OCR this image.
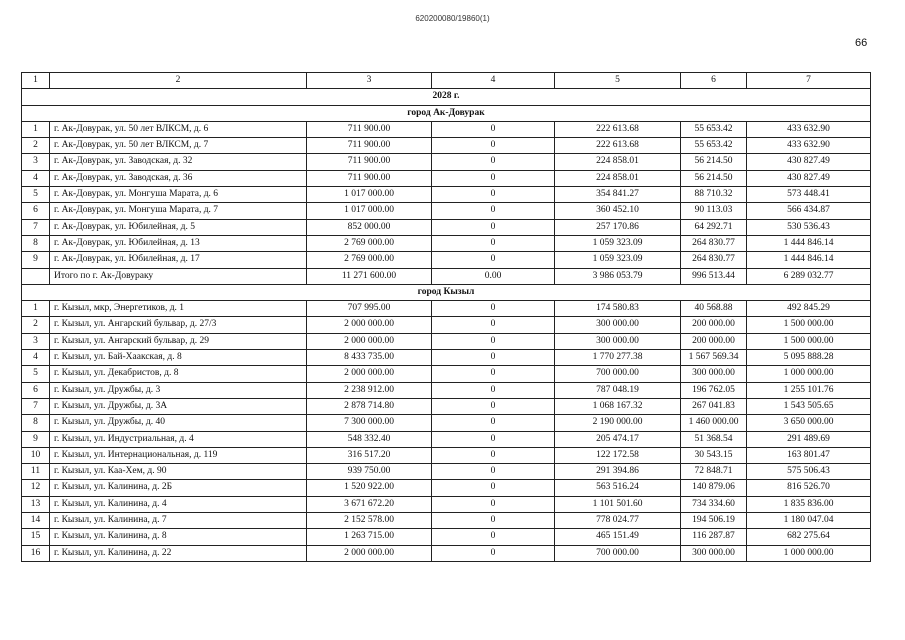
620200080/19860(1)
66
1	2	3	4	5	6	7
2028 г.						
город Ак-Довурак						
1	г. Ак-Довурак, ул. 50 лет ВЛКСМ, д. 6	711 900.00	0	222 613.68	55 653.42	433 632.90
2	г. Ак-Довурак, ул. 50 лет ВЛКСМ, д. 7	711 900.00	0	222 613.68	55 653.42	433 632.90
3	г. Ак-Довурак, ул. Заводская, д. 32	711 900.00	0	224 858.01	56 214.50	430 827.49
4	г. Ак-Довурак, ул. Заводская, д. 36	711 900.00	0	224 858.01	56 214.50	430 827.49
5	г. Ак-Довурак, ул. Монгуша Марата, д. 6	1 017 000.00	0	354 841.27	88 710.32	573 448.41
6	г. Ак-Довурак, ул. Монгуша Марата, д. 7	1 017 000.00	0	360 452.10	90 113.03	566 434.87
7	г. Ак-Довурак, ул. Юбилейная, д. 5	852 000.00	0	257 170.86	64 292.71	530 536.43
8	г. Ак-Довурак, ул. Юбилейная, д. 13	2 769 000.00	0	1 059 323.09	264 830.77	1 444 846.14
9	г. Ак-Довурак, ул. Юбилейная, д. 17	2 769 000.00	0	1 059 323.09	264 830.77	1 444 846.14
	Итого по г. Ак-Довураку	11 271 600.00	0.00	3 986 053.79	996 513.44	6 289 032.77
город Кызыл						
1	г. Кызыл, мкр, Энергетиков, д. 1	707 995.00	0	174 580.83	40 568.88	492 845.29
2	г. Кызыл, ул. Ангарский бульвар, д. 27/3	2 000 000.00	0	300 000.00	200 000.00	1 500 000.00
3	г. Кызыл, ул. Ангарский бульвар, д. 29	2 000 000.00	0	300 000.00	200 000.00	1 500 000.00
4	г. Кызыл, ул. Бай-Хаакская, д. 8	8 433 735.00	0	1 770 277.38	1 567 569.34	5 095 888.28
5	г. Кызыл, ул. Декабристов, д. 8	2 000 000.00	0	700 000.00	300 000.00	1 000 000.00
6	г. Кызыл, ул. Дружбы, д. 3	2 238 912.00	0	787 048.19	196 762.05	1 255 101.76
7	г. Кызыл, ул. Дружбы, д. 3А	2 878 714.80	0	1 068 167.32	267 041.83	1 543 505.65
8	г. Кызыл, ул. Дружбы, д. 40	7 300 000.00	0	2 190 000.00	1 460 000.00	3 650 000.00
9	г. Кызыл, ул. Индустриальная, д. 4	548 332.40	0	205 474.17	51 368.54	291 489.69
10	г. Кызыл, ул. Интернациональная, д. 119	316 517.20	0	122 172.58	30 543.15	163 801.47
11	г. Кызыл, ул. Каа-Хем, д. 90	939 750.00	0	291 394.86	72 848.71	575 506.43
12	г. Кызыл, ул. Калинина, д. 2Б	1 520 922.00	0	563 516.24	140 879.06	816 526.70
13	г. Кызыл, ул. Калинина, д. 4	3 671 672.20	0	1 101 501.60	734 334.60	1 835 836.00
14	г. Кызыл, ул. Калинина, д. 7	2 152 578.00	0	778 024.77	194 506.19	1 180 047.04
15	г. Кызыл, ул. Калинина, д. 8	1 263 715.00	0	465 151.49	116 287.87	682 275.64
16	г. Кызыл, ул. Калинина, д. 22	2 000 000.00	0	700 000.00	300 000.00	1 000 000.00
